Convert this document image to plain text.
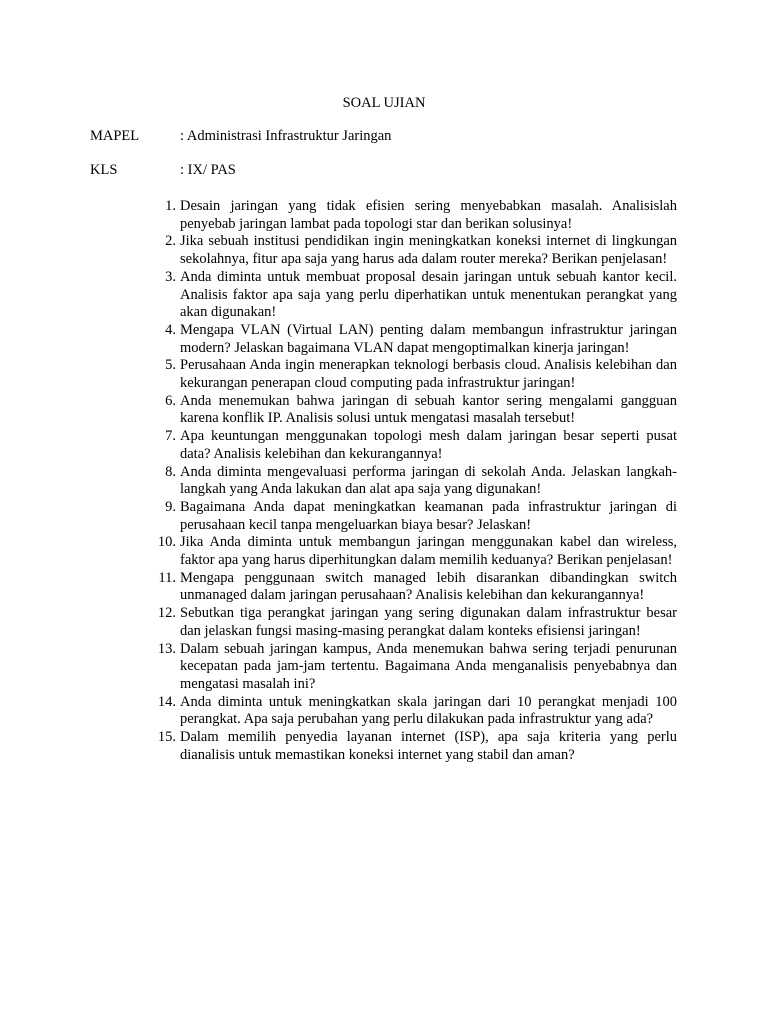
SOAL UJIAN
MAPEL	: Administrasi Infrastruktur Jaringan
KLS	: IX/ PAS
1. Desain jaringan yang tidak efisien sering menyebabkan masalah. Analisislah penyebab jaringan lambat pada topologi star dan berikan solusinya!
2. Jika sebuah institusi pendidikan ingin meningkatkan koneksi internet di lingkungan sekolahnya, fitur apa saja yang harus ada dalam router mereka? Berikan penjelasan!
3. Anda diminta untuk membuat proposal desain jaringan untuk sebuah kantor kecil. Analisis faktor apa saja yang perlu diperhatikan untuk menentukan perangkat yang akan digunakan!
4. Mengapa VLAN (Virtual LAN) penting dalam membangun infrastruktur jaringan modern? Jelaskan bagaimana VLAN dapat mengoptimalkan kinerja jaringan!
5. Perusahaan Anda ingin menerapkan teknologi berbasis cloud. Analisis kelebihan dan kekurangan penerapan cloud computing pada infrastruktur jaringan!
6. Anda menemukan bahwa jaringan di sebuah kantor sering mengalami gangguan karena konflik IP. Analisis solusi untuk mengatasi masalah tersebut!
7. Apa keuntungan menggunakan topologi mesh dalam jaringan besar seperti pusat data? Analisis kelebihan dan kekurangannya!
8. Anda diminta mengevaluasi performa jaringan di sekolah Anda. Jelaskan langkah-langkah yang Anda lakukan dan alat apa saja yang digunakan!
9. Bagaimana Anda dapat meningkatkan keamanan pada infrastruktur jaringan di perusahaan kecil tanpa mengeluarkan biaya besar? Jelaskan!
10. Jika Anda diminta untuk membangun jaringan menggunakan kabel dan wireless, faktor apa yang harus diperhitungkan dalam memilih keduanya? Berikan penjelasan!
11. Mengapa penggunaan switch managed lebih disarankan dibandingkan switch unmanaged dalam jaringan perusahaan? Analisis kelebihan dan kekurangannya!
12. Sebutkan tiga perangkat jaringan yang sering digunakan dalam infrastruktur besar dan jelaskan fungsi masing-masing perangkat dalam konteks efisiensi jaringan!
13. Dalam sebuah jaringan kampus, Anda menemukan bahwa sering terjadi penurunan kecepatan pada jam-jam tertentu. Bagaimana Anda menganalisis penyebabnya dan mengatasi masalah ini?
14. Anda diminta untuk meningkatkan skala jaringan dari 10 perangkat menjadi 100 perangkat. Apa saja perubahan yang perlu dilakukan pada infrastruktur yang ada?
15. Dalam memilih penyedia layanan internet (ISP), apa saja kriteria yang perlu dianalisis untuk memastikan koneksi internet yang stabil dan aman?
